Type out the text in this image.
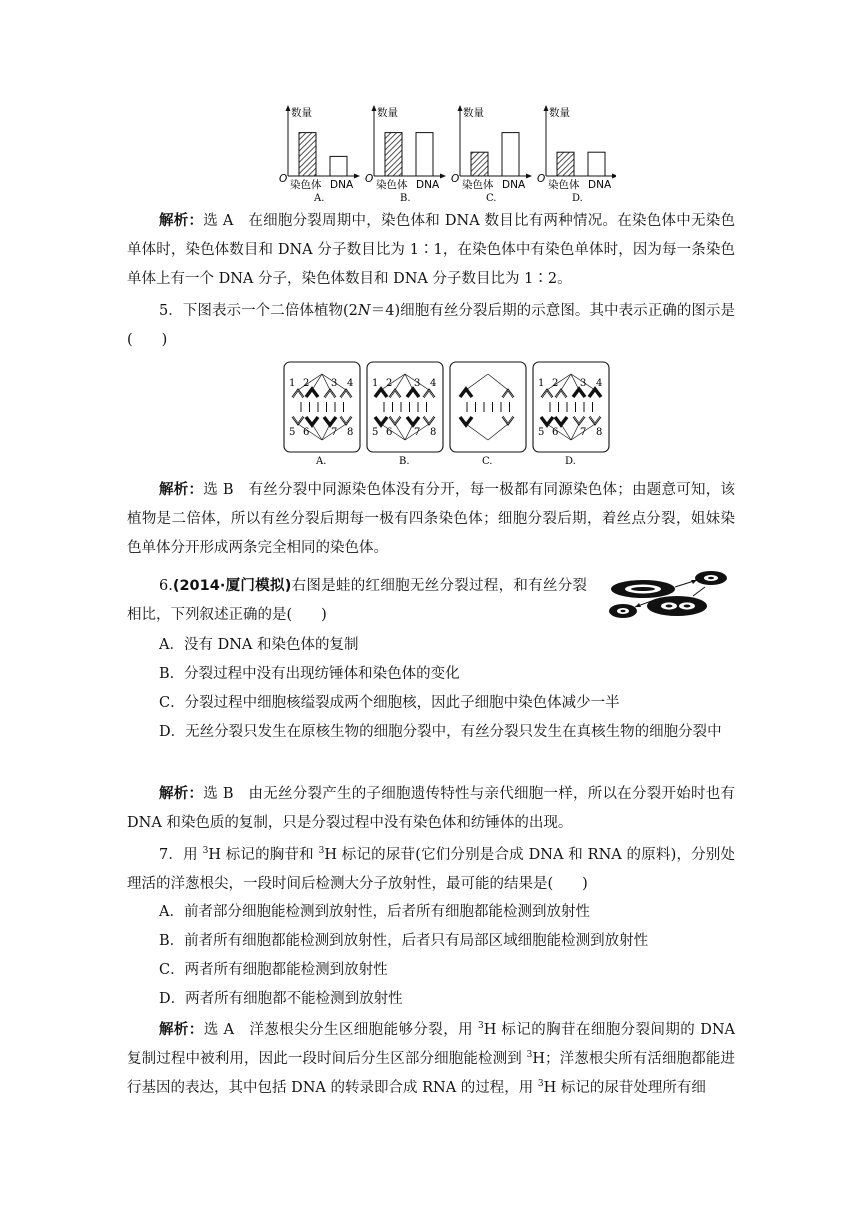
O
数量
染色体 DNA
A.
O
数量
染色体 DNA
B.
O
数量
染色体 DNA
C.
O
数量
染色体 DNA
D.

解析：选 A　在细胞分裂周期中，染色体和 DNA 数目比有两种情况。在染色体中无染色单体时，染色体数目和 DNA 分子数目比为 1∶1，在染色体中有染色单体时，因为每一条染色单体上有一个 DNA 分子，染色体数目和 DNA 分子数目比为 1∶2。

5．下图表示一个二倍体植物(2N＝4)细胞有丝分裂后期的示意图。其中表示正确的图示是(　　)

1 2 3 4
5 6 7 8
A.
1 2 3 4
5 6 7 8
B.	C.
1 2 3 4
5 6 7 8
D.

解析：选 B　有丝分裂中同源染色体没有分开，每一极都有同源染色体；由题意可知，该植物是二倍体，所以有丝分裂后期每一极有四条染色体；细胞分裂后期，着丝点分裂，姐妹染色单体分开形成两条完全相同的染色体。

6.(2014·厦门模拟)右图是蛙的红细胞无丝分裂过程，和有丝分裂相比，下列叙述正确的是(　　)

A．没有 DNA 和染色体的复制

B．分裂过程中没有出现纺锤体和染色体的变化

C．分裂过程中细胞核缢裂成两个细胞核，因此子细胞中染色体减少一半

D．无丝分裂只发生在原核生物的细胞分裂中，有丝分裂只发生在真核生物的细胞分裂中

解析：选 B　由无丝分裂产生的子细胞遗传特性与亲代细胞一样，所以在分裂开始时也有 DNA 和染色质的复制，只是分裂过程中没有染色体和纺锤体的出现。

7．用 $^3$H 标记的胸苷和 $^3$H 标记的尿苷(它们分别是合成 DNA 和 RNA 的原料)，分别处理活的洋葱根尖，一段时间后检测大分子放射性，最可能的结果是(　　)

A．前者部分细胞能检测到放射性，后者所有细胞都能检测到放射性

B．前者所有细胞都能检测到放射性，后者只有局部区域细胞能检测到放射性

C．两者所有细胞都能检测到放射性

D．两者所有细胞都不能检测到放射性

解析：选 A　洋葱根尖分生区细胞能够分裂，用 $^3$H 标记的胸苷在细胞分裂间期的 DNA 复制过程中被利用，因此一段时间后分生区部分细胞能检测到 $^3$H；洋葱根尖所有活细胞都能进行基因的表达，其中包括 DNA 的转录即合成 RNA 的过程，用 $^3$H 标记的尿苷处理所有细
